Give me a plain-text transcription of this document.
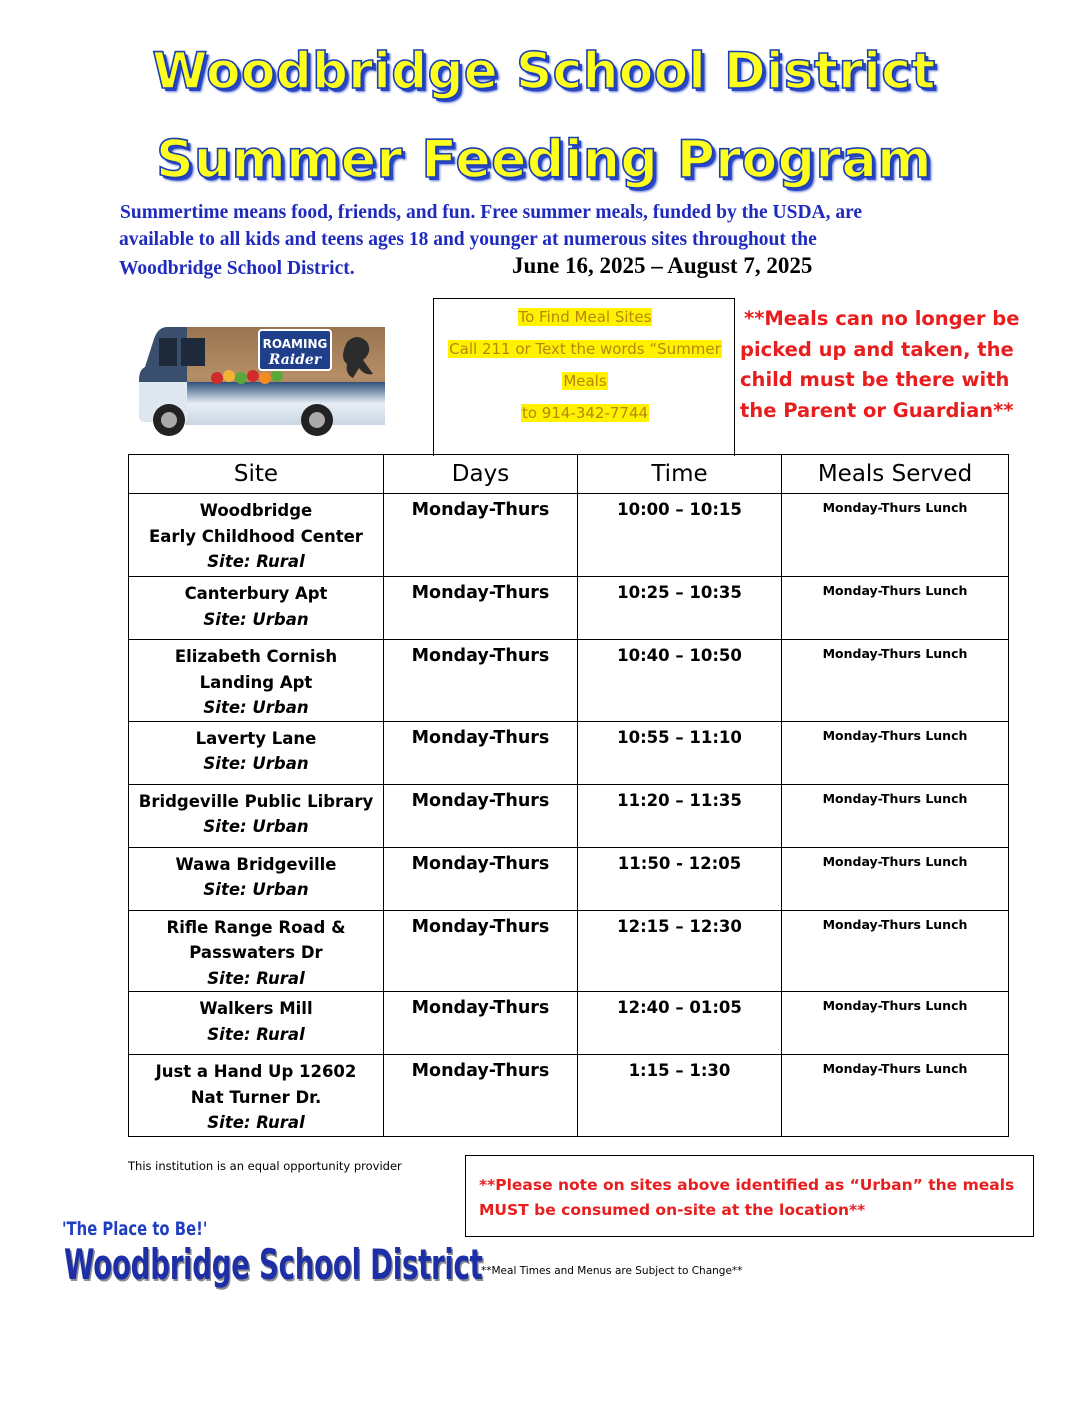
Woodbridge School District
Summer Feeding Program
Summertime means food, friends, and fun. Free summer meals, funded by the USDA, are
available to all kids and teens ages 18 and younger at numerous sites throughout the
Woodbridge School District.	June 16, 2025 – August 7, 2025
ROAMING
Raider
To Find Meal Sites
Call 211 or Text the words “Summer
Meals
to 914-342-7744
**Meals can no longer be
picked up and taken, the
child must be there with
the Parent or Guardian**
Site	Days	Time	Meals Served

Woodbridge
Early Childhood Center
Site: Rural	Monday-Thurs	10:00 – 10:15	Monday-Thurs Lunch

Canterbury Apt
Site: Urban	Monday-Thurs	10:25 – 10:35	Monday-Thurs Lunch

Elizabeth Cornish
Landing Apt
Site: Urban	Monday-Thurs	10:40 – 10:50	Monday-Thurs Lunch

Laverty Lane
Site: Urban	Monday-Thurs	10:55 – 11:10	Monday-Thurs Lunch

Bridgeville Public Library
Site: Urban	Monday-Thurs	11:20 – 11:35	Monday-Thurs Lunch

Wawa Bridgeville
Site: Urban	Monday-Thurs	11:50 - 12:05	Monday-Thurs Lunch

Rifle Range Road &
Passwaters Dr
Site: Rural	Monday-Thurs	12:15 – 12:30	Monday-Thurs Lunch

Walkers Mill
Site: Rural	Monday-Thurs	12:40 – 01:05	Monday-Thurs Lunch

Just a Hand Up 12602
Nat Turner Dr.
Site: Rural	Monday-Thurs	1:15 – 1:30	Monday-Thurs Lunch
This institution is an equal opportunity provider
**Please note on sites above identified as “Urban” the meals
MUST be consumed on-site at the location**
**Meal Times and Menus are Subject to Change**
'The Place to Be!'
Woodbridge School District
